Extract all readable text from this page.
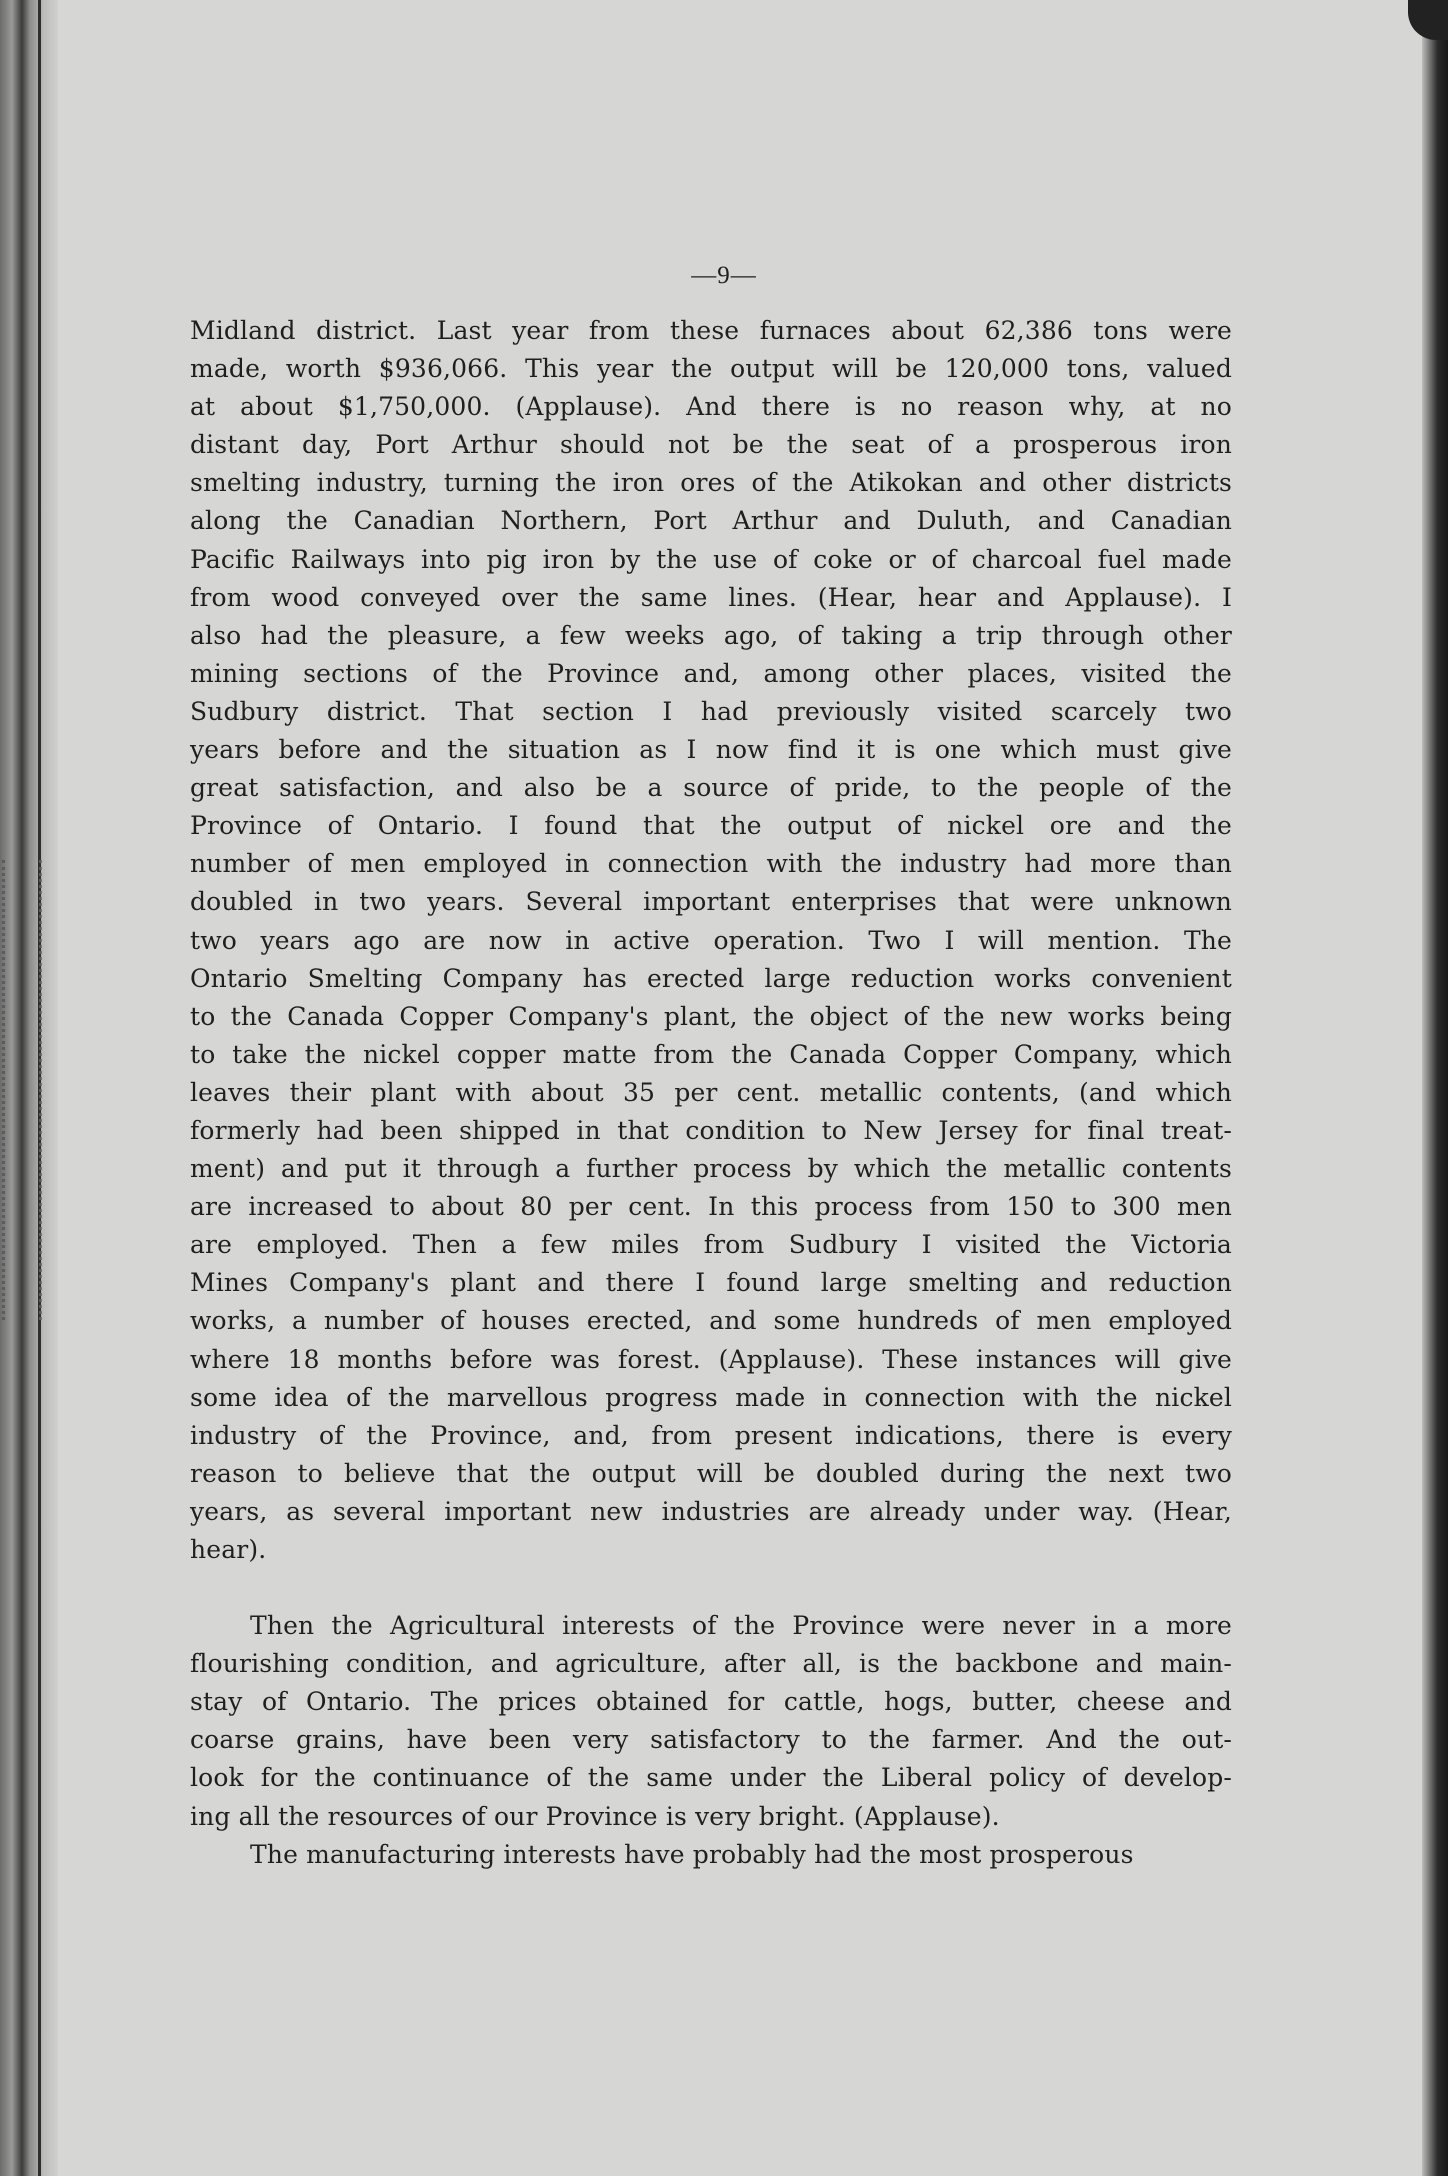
—9—
Midland district. Last year from these furnaces about 62,386 tons were
made, worth $936,066. This year the output will be 120,000 tons, valued
at about $1,750,000. (Applause). And there is no reason why, at no
distant day, Port Arthur should not be the seat of a prosperous iron
smelting industry, turning the iron ores of the Atikokan and other districts
along the Canadian Northern, Port Arthur and Duluth, and Canadian
Pacific Railways into pig iron by the use of coke or of charcoal fuel made
from wood conveyed over the same lines. (Hear, hear and Applause). I
also had the pleasure, a few weeks ago, of taking a trip through other
mining sections of the Province and, among other places, visited the
Sudbury district. That section I had previously visited scarcely two
years before and the situation as I now find it is one which must give
great satisfaction, and also be a source of pride, to the people of the
Province of Ontario. I found that the output of nickel ore and the
number of men employed in connection with the industry had more than
doubled in two years. Several important enterprises that were unknown
two years ago are now in active operation. Two I will mention. The
Ontario Smelting Company has erected large reduction works convenient
to the Canada Copper Company's plant, the object of the new works being
to take the nickel copper matte from the Canada Copper Company, which
leaves their plant with about 35 per cent. metallic contents, (and which
formerly had been shipped in that condition to New Jersey for final treat-
ment) and put it through a further process by which the metallic contents
are increased to about 80 per cent. In this process from 150 to 300 men
are employed. Then a few miles from Sudbury I visited the Victoria
Mines Company's plant and there I found large smelting and reduction
works, a number of houses erected, and some hundreds of men employed
where 18 months before was forest. (Applause). These instances will give
some idea of the marvellous progress made in connection with the nickel
industry of the Province, and, from present indications, there is every
reason to believe that the output will be doubled during the next two
years, as several important new industries are already under way. (Hear,
hear).
Then the Agricultural interests of the Province were never in a more
flourishing condition, and agriculture, after all, is the backbone and main-
stay of Ontario. The prices obtained for cattle, hogs, butter, cheese and
coarse grains, have been very satisfactory to the farmer. And the out-
look for the continuance of the same under the Liberal policy of develop-
ing all the resources of our Province is very bright. (Applause).
The manufacturing interests have probably had the most prosperous
